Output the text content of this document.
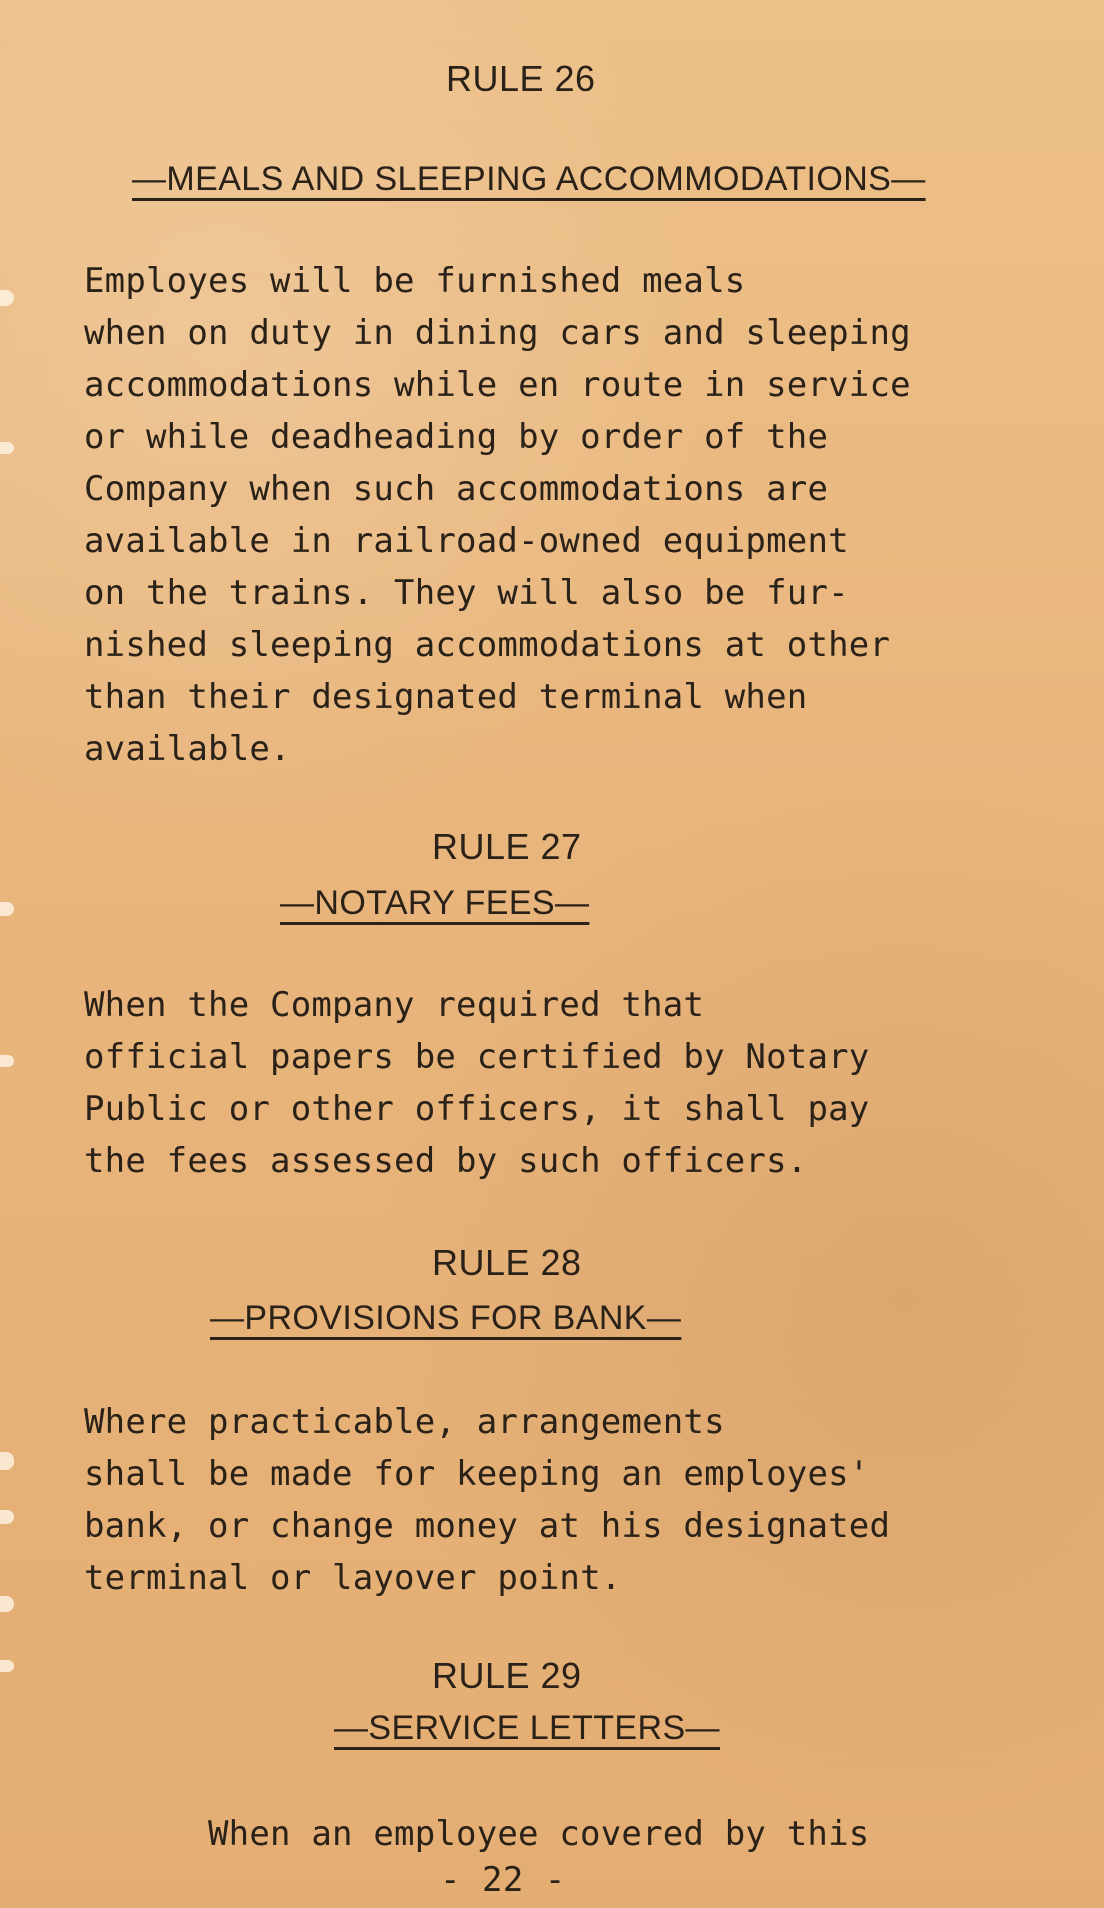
RULE 26
—MEALS AND SLEEPING ACCOMMODATIONS—

Employes will be furnished meals
when on duty in dining cars and sleeping
accommodations while en route in service
or while deadheading by order of the
Company when such accommodations are
available in railroad-owned equipment
on the trains. They will also be fur-
nished sleeping accommodations at other
than their designated terminal when
available.

RULE 27
—NOTARY FEES—

When the Company required that
official papers be certified by Notary
Public or other officers, it shall pay
the fees assessed by such officers.

RULE 28
—PROVISIONS FOR BANK—

Where practicable, arrangements
shall be made for keeping an employes'
bank, or change money at his designated
terminal or layover point.

RULE 29
—SERVICE LETTERS—

When an employee covered by this

- 22 -
